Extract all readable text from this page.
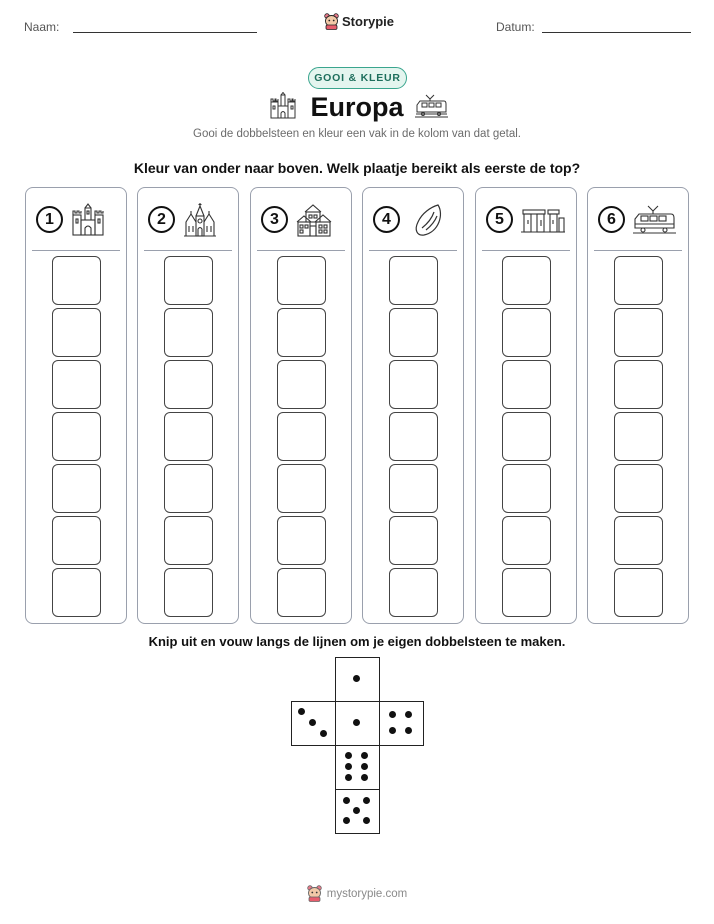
Naam:	Storypie	Datum:
GOOI & KLEUR
Europa
Gooi de dobbelsteen en kleur een vak in de kolom van dat getal.
Kleur van onder naar boven. Welk plaatje bereikt als eerste de top?
1	2	3	4	5	6
Knip uit en vouw langs de lijnen om je eigen dobbelsteen te maken.
mystorypie.com
